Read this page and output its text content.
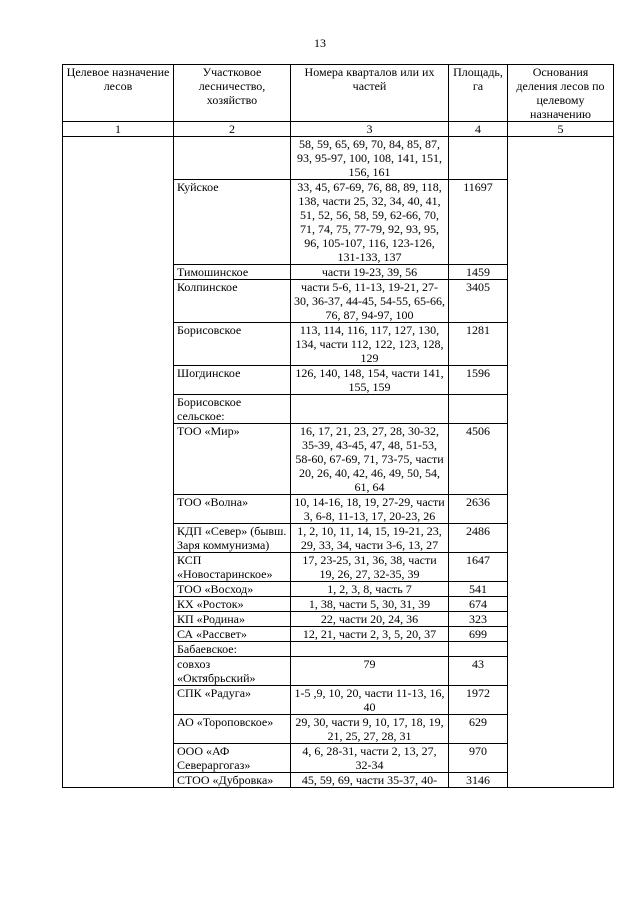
13
Целевое назначение лесов	Участковое лесничество, хозяйство	Номера кварталов или их частей	Площадь, га	Основания деления лесов по целевому назначению
1	2	3	4	5
		58, 59, 65, 69, 70, 84, 85, 87, 93, 95-97, 100, 108, 141, 151, 156, 161		
	Куйское	33, 45, 67-69, 76, 88, 89, 118, 138, части 25, 32, 34, 40, 41, 51, 52, 56, 58, 59, 62-66, 70, 71, 74, 75, 77-79, 92, 93, 95, 96, 105-107, 116, 123-126, 131-133, 137	11697	
	Тимошинское	части 19-23, 39, 56	1459	
	Колпинское	части 5-6, 11-13, 19-21, 27-30, 36-37, 44-45, 54-55, 65-66, 76, 87, 94-97, 100	3405	
	Борисовское	113, 114, 116, 117, 127, 130, 134, части 112, 122, 123, 128, 129	1281	
	Шогдинское	126, 140, 148, 154, части 141, 155, 159	1596	
	Борисовское сельское:			
	ТОО «Мир»	16, 17, 21, 23, 27, 28, 30-32, 35-39, 43-45, 47, 48, 51-53, 58-60, 67-69, 71, 73-75, части 20, 26, 40, 42, 46, 49, 50, 54, 61, 64	4506	
	ТОО «Волна»	10, 14-16, 18, 19, 27-29, части 3, 6-8, 11-13, 17, 20-23, 26	2636	
	КДП «Север» (бывш. Заря коммунизма)	1, 2, 10, 11, 14, 15, 19-21, 23, 29, 33, 34, части 3-6, 13, 27	2486	
	КСП «Новостаринское»	17, 23-25, 31, 36, 38, части 19, 26, 27, 32-35, 39	1647	
	ТОО «Восход»	1, 2, 3, 8, часть 7	541	
	КХ «Росток»	1, 38, части 5, 30, 31, 39	674	
	КП «Родина»	22, части 20, 24, 36	323	
	СА «Рассвет»	12, 21, части 2, 3, 5, 20, 37	699	
	Бабаевское:			
	совхоз «Октябрьский»	79	43	
	СПК «Радуга»	1-5 ,9, 10, 20, части 11-13, 16, 40	1972	
	АО «Тороповское»	29, 30, части 9, 10, 17, 18, 19, 21, 25, 27, 28, 31	629	
	ООО «АФ Севераргогаз»	4, 6, 28-31, части 2, 13, 27, 32-34	970	
	СТОО «Дубровка»	45, 59, 69, части 35-37, 40-	3146	
